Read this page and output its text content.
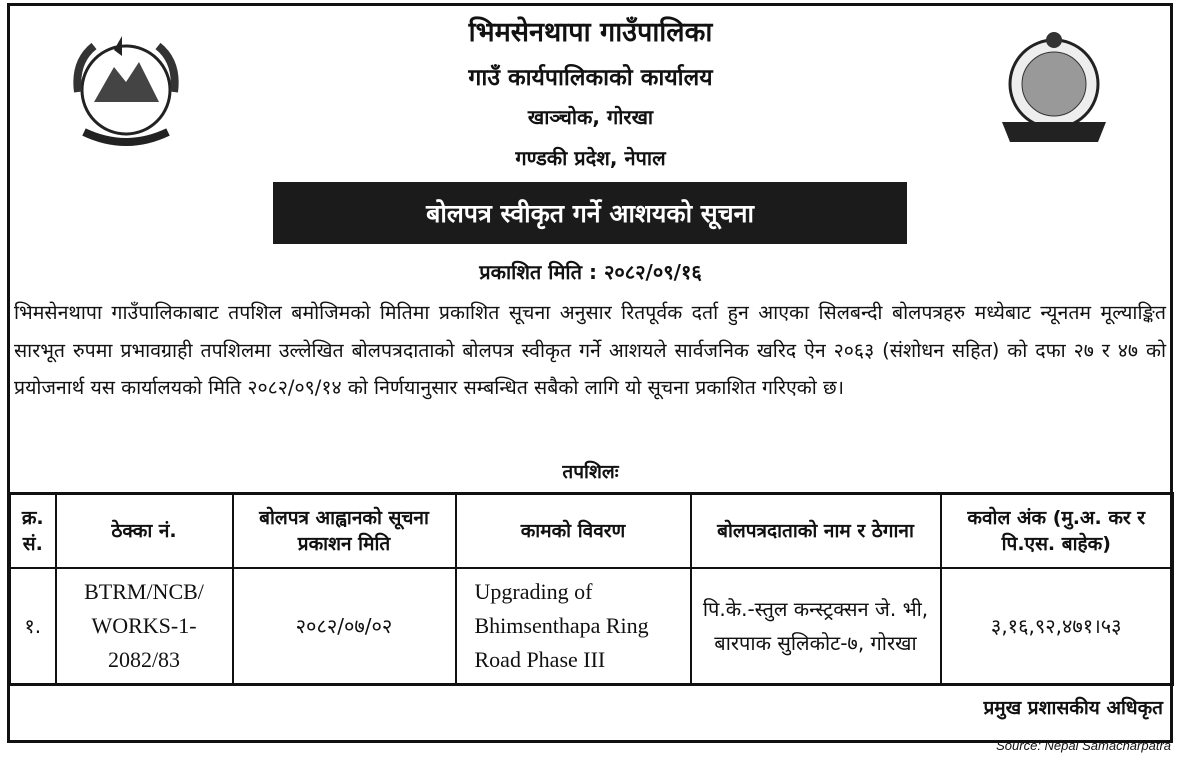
भिमसेनथापा गाउँपालिका
गाउँ कार्यपालिकाको कार्यालय
खाञ्चोक, गोरखा
गण्डकी प्रदेश, नेपाल
बोलपत्र स्वीकृत गर्ने आशयको सूचना
प्रकाशित मिति : २०८२/०९/१६
भिमसेनथापा गाउँपालिकाबाट तपशिल बमोजिमको मितिमा प्रकाशित सूचना अनुसार रितपूर्वक दर्ता हुन आएका सिलबन्दी बोलपत्रहरु मध्येबाट न्यूनतम मूल्याङ्कित सारभूत रुपमा प्रभावग्राही तपशिलमा उल्लेखित बोलपत्रदाताको बोलपत्र स्वीकृत गर्ने आशयले सार्वजनिक खरिद ऐन २०६३ (संशोधन सहित) को दफा २७ र ४७ को प्रयोजनार्थ यस कार्यालयको मिति २०८२/०९/१४ को निर्णयानुसार सम्बन्धित सबैको लागि यो सूचना प्रकाशित गरिएको छ।
तपशिलः
क्र. सं.	ठेक्का नं.	बोलपत्र आह्वानको सूचना प्रकाशन मिति	कामको विवरण	बोलपत्रदाताको नाम र ठेगाना	कवोल अंक (मु.अ. कर र पि.एस. बाहेक)
१.	BTRM/NCB/ WORKS-1- 2082/83	२०८२/०७/०२	Upgrading of Bhimsenthapa Ring Road Phase III	पि.के.-स्तुल कन्स्ट्रक्सन जे. भी, बारपाक सुलिकोट-७, गोरखा	३,१६,९२,४७१।५३
प्रमुख प्रशासकीय अधिकृत
Source: Nepal Samacharpatra
